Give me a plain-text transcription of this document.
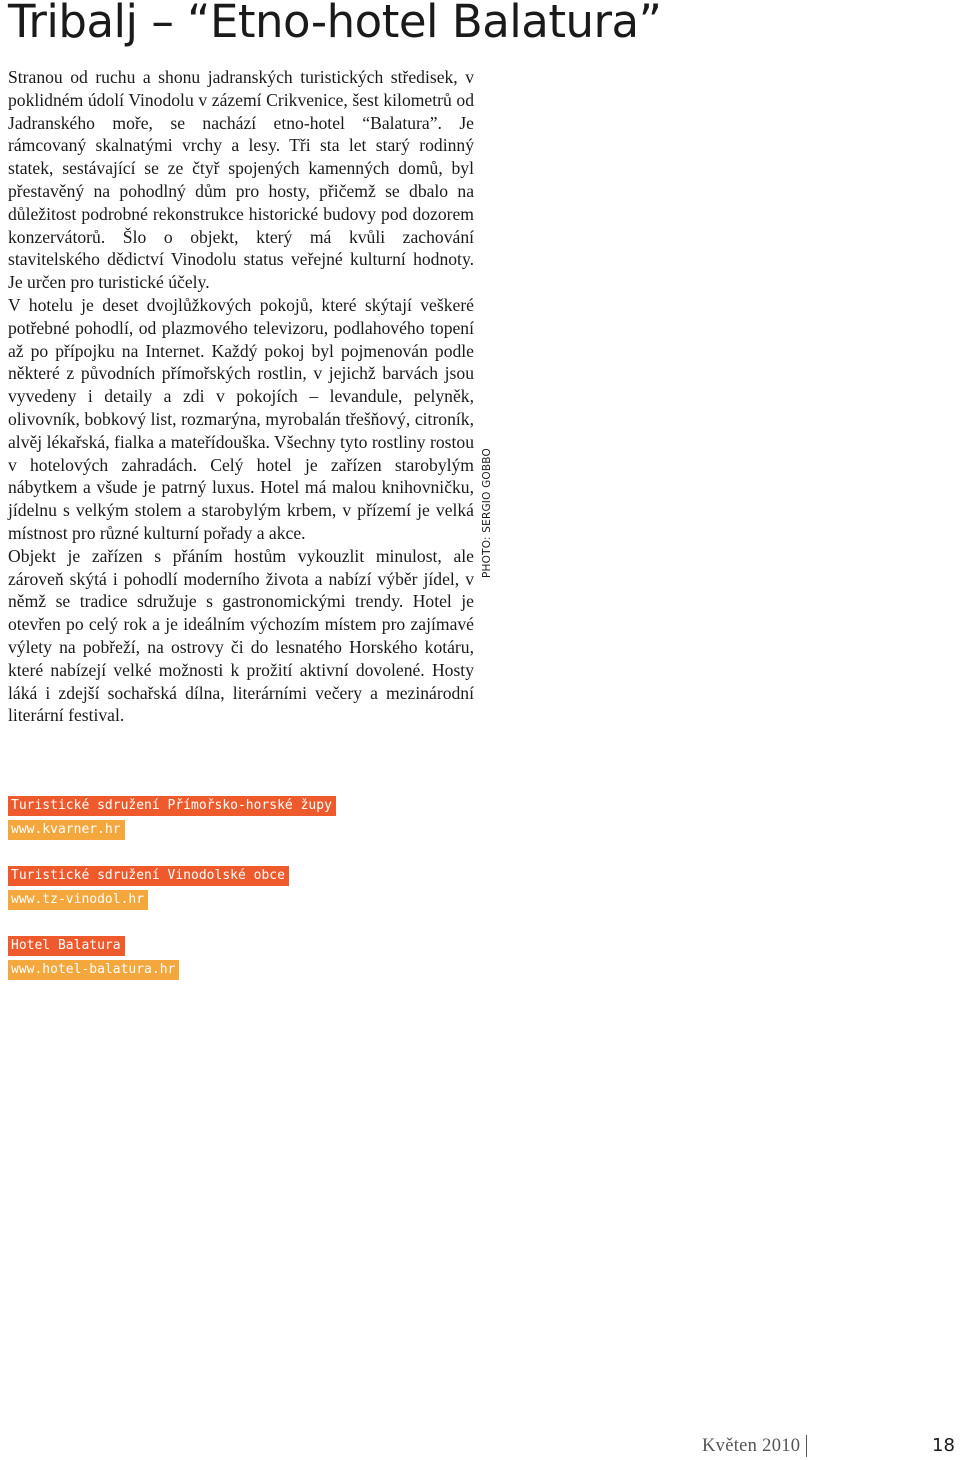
Tribalj – “Etno-hotel Balatura”

Stranou od ruchu a shonu jadranských turistických středisek, v poklidném údolí Vinodolu v zázemí Crikvenice, šest kilometrů od Jadranského moře, se nachází etno-hotel “Balatura”. Je rámcovaný skalnatými vrchy a lesy. Tři sta let starý rodinný statek, sestávající se ze čtyř spojených kamenných domů, byl přestavěný na pohodlný dům pro hosty, přičemž se dbalo na důležitost podrobné rekonstrukce historické budovy pod dozorem konzervátorů. Šlo o objekt, který má kvůli zachování stavitelského dědictví Vinodolu status veřejné kulturní hodnoty. Je určen pro turistické účely.

V hotelu je deset dvojlůžkových pokojů, které skýtají veškeré potřebné pohodlí, od plazmového televizoru, podlahového topení až po přípojku na Internet. Každý pokoj byl pojmenován podle některé z původních přímořských rostlin, v jejichž barvách jsou vyvedeny i detaily a zdi v pokojích – levandule, pelyněk, olivovník, bobkový list, rozmarýna, myrobalán třešňový, citroník, alvěj lékařská, fialka a mateřídouška. Všechny tyto rostliny rostou v hotelových zahradách. Celý hotel je zařízen starobylým nábytkem a všude je patrný luxus. Hotel má malou knihovničku, jídelnu s velkým stolem a starobylým krbem, v přízemí je velká místnost pro různé kulturní pořady a akce.

Objekt je zařízen s přáním hostům vykouzlit minulost, ale zároveň skýtá i pohodlí moderního života a nabízí výběr jídel, v němž se tradice sdružuje s gastronomickými trendy. Hotel je otevřen po celý rok a je ideálním výchozím místem pro zajímavé výlety na pobřeží, na ostrovy či do lesnatého Horského kotáru, které nabízejí velké možnosti k prožití aktivní dovolené. Hosty láká i zdejší sochařská dílna, literárními večery a mezinárodní literární festival.

PHOTO: SERGIO GOBBO
Turistické sdružení Přímořsko-horské župy
www.kvarner.hr
Turistické sdružení Vinodolské obce
www.tz-vinodol.hr
Hotel Balatura
www.hotel-balatura.hr
Květen 2010	18
